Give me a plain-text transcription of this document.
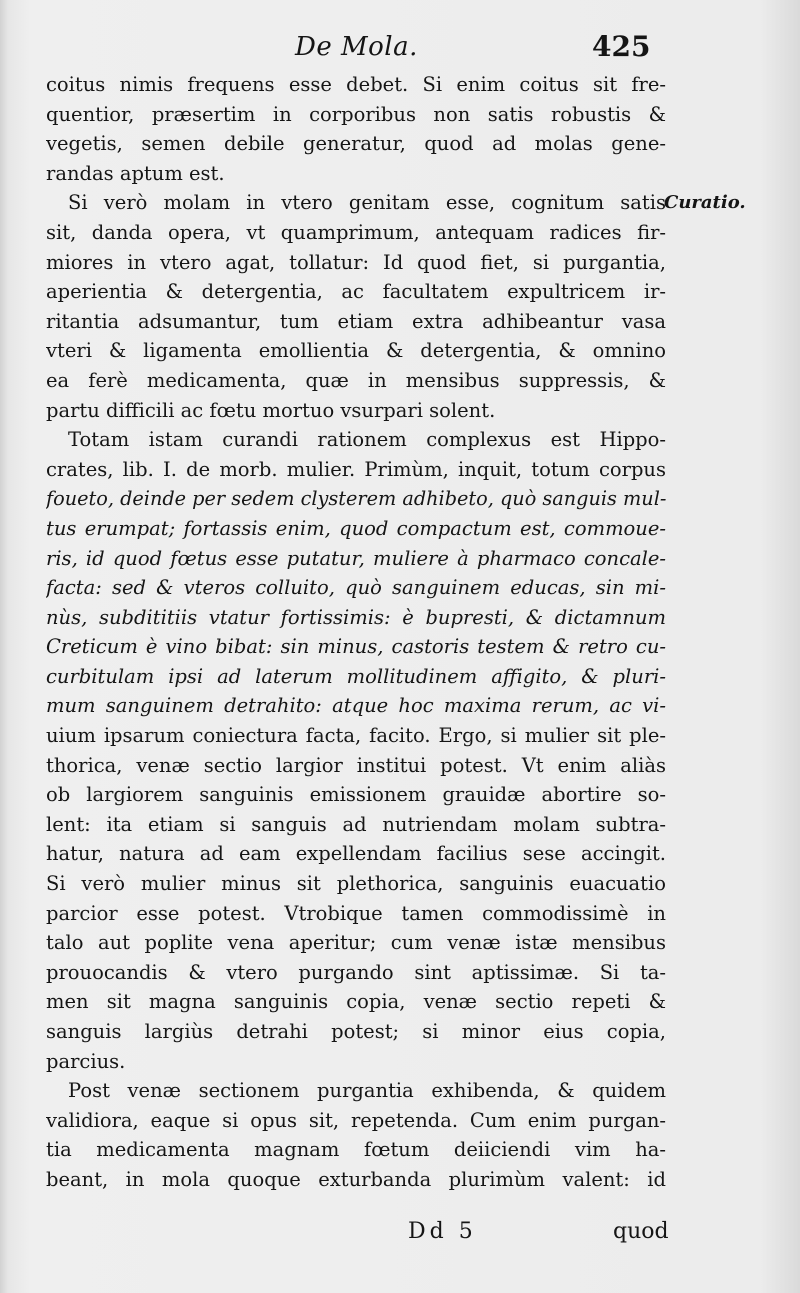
De Mola.	425
Curatio.
coitus nimis frequens esse debet. Si enim coitus sit fre-
quentior, præsertim in corporibus non satis robustis &
vegetis, semen debile generatur, quod ad molas gene-
randas aptum est.
Si verò molam in vtero genitam esse, cognitum satis
sit, danda opera, vt quamprimum, antequam radices fir-
miores in vtero agat, tollatur: Id quod fiet, si purgantia,
aperientia & detergentia, ac facultatem expultricem ir-
ritantia adsumantur, tum etiam extra adhibeantur vasa
vteri & ligamenta emollientia & detergentia, & omnino
ea ferè medicamenta, quæ in mensibus suppressis, &
partu difficili ac fœtu mortuo vsurpari solent.
Totam istam curandi rationem complexus est Hippo-
crates, lib. I. de morb. mulier. Primùm, inquit, totum corpus
foueto, deinde per sedem clysterem adhibeto, quò sanguis mul-
tus erumpat; fortassis enim, quod compactum est, commoue-
ris, id quod fœtus esse putatur, muliere à pharmaco concale-
facta: sed & vteros colluito, quò sanguinem educas, sin mi-
nùs, subdititiis vtatur fortissimis: è bupresti, & dictamnum
Creticum è vino bibat: sin minus, castoris testem & retro cu-
curbitulam ipsi ad laterum mollitudinem affigito, & pluri-
mum sanguinem detrahito: atque hoc maxima rerum, ac vi-
uium ipsarum coniectura facta, facito. Ergo, si mulier sit ple-
thorica, venæ sectio largior institui potest. Vt enim aliàs
ob largiorem sanguinis emissionem grauidæ abortire so-
lent: ita etiam si sanguis ad nutriendam molam subtra-
hatur, natura ad eam expellendam facilius sese accingit.
Si verò mulier minus sit plethorica, sanguinis euacuatio
parcior esse potest. Vtrobique tamen commodissimè in
talo aut poplite vena aperitur; cum venæ istæ mensibus
prouocandis & vtero purgando sint aptissimæ. Si ta-
men sit magna sanguinis copia, venæ sectio repeti &
sanguis largiùs detrahi potest; si minor eius copia,
parcius.
Post venæ sectionem purgantia exhibenda, & quidem
validiora, eaque si opus sit, repetenda. Cum enim purgan-
tia medicamenta magnam fœtum deiiciendi vim ha-
beant, in mola quoque exturbanda plurimùm valent: id
Dd 5	quod
